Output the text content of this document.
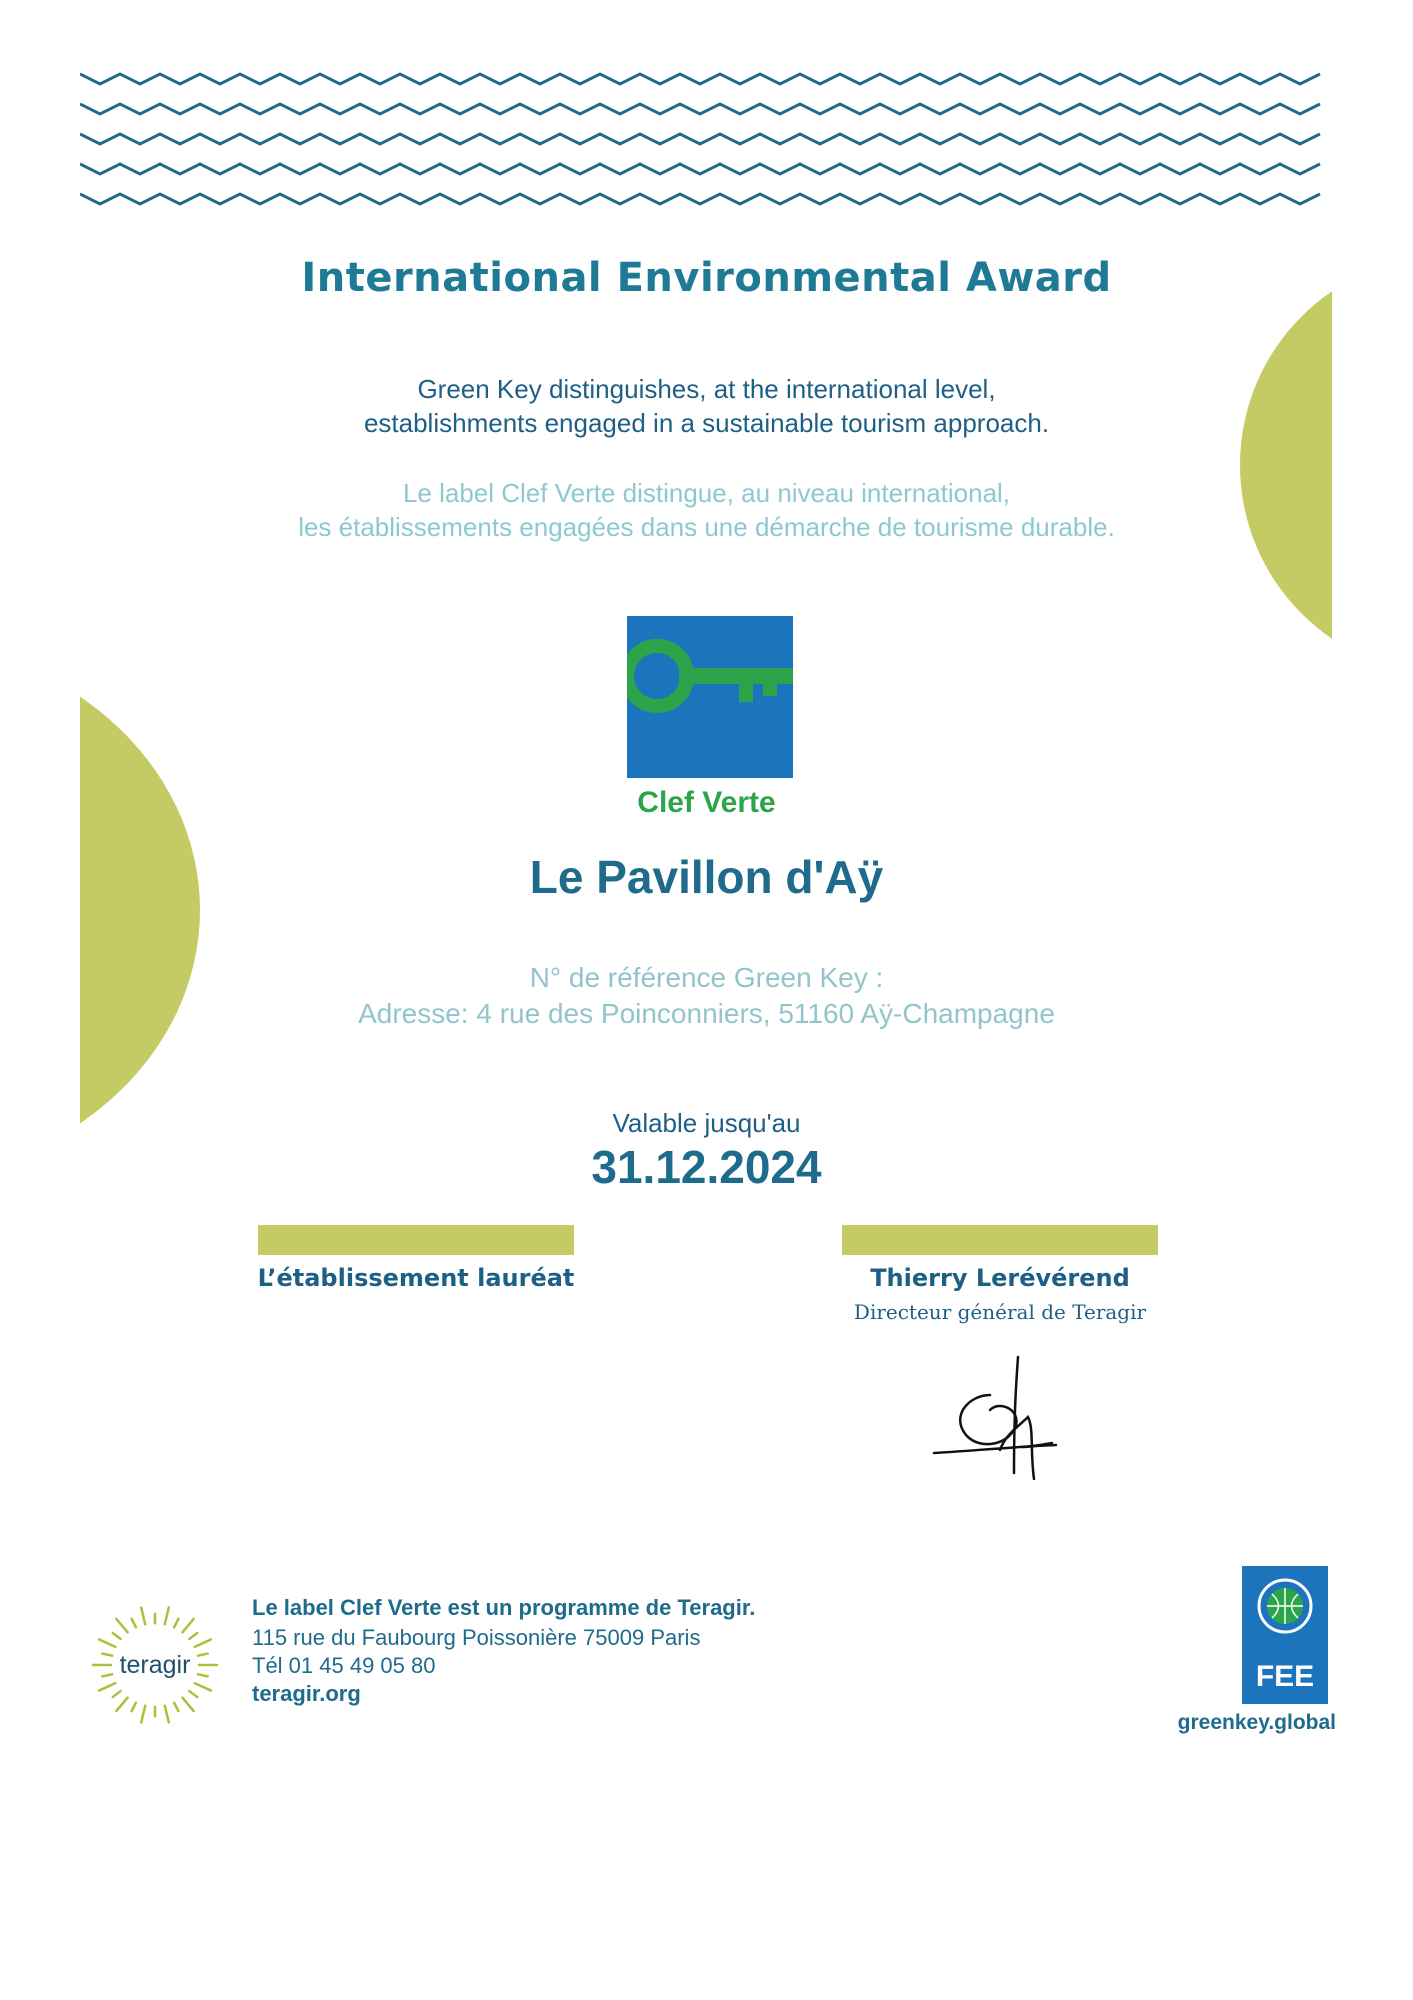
International Environmental Award
Green Key distinguishes, at the international level,
establishments engaged in a sustainable tourism approach.
Le label Clef Verte distingue, au niveau international,
les établissements engagées dans une démarche de tourisme durable.
Clef Verte
Le Pavillon d'Aÿ
N° de référence Green Key :
Adresse: 4 rue des Poinconniers, 51160 Aÿ-Champagne
Valable jusqu'au
31.12.2024
L’établissement lauréat	Thierry Lerévérend
Directeur général de Teragir
teragir
Le label Clef Verte est un programme de Teragir.
115 rue du Faubourg Poissonière 75009 Paris
Tél 01 45 49 05 80
teragir.org
FEE
greenkey.global
